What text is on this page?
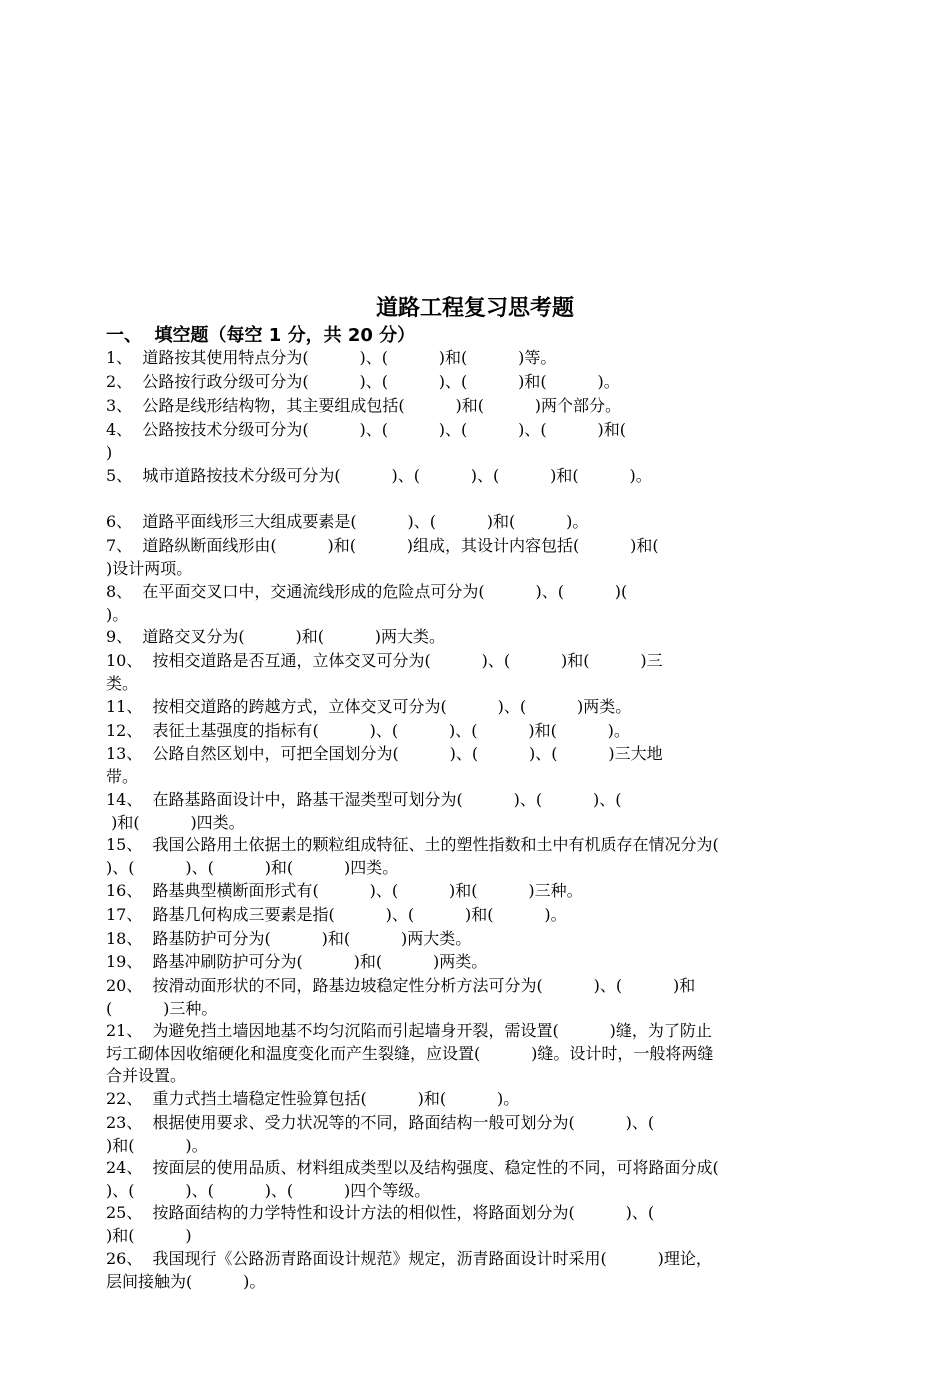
道路工程复习思考题
一、  填空题（每空 1 分，共 20 分）
1、  道路按其使用特点分为(          )、(          )和(          )等。
2、  公路按行政分级可分为(          )、(          )、(          )和(          )。
3、  公路是线形结构物，其主要组成包括(          )和(          )两个部分。
4、  公路按技术分级可分为(          )、(          )、(          )、(          )和(
)
5、  城市道路按技术分级可分为(          )、(          )、(          )和(          )。
6、  道路平面线形三大组成要素是(          )、(          )和(          )。
7、  道路纵断面线形由(          )和(          )组成，其设计内容包括(          )和(
)设计两项。
8、  在平面交叉口中，交通流线形成的危险点可分为(          )、(          )(
)。
9、  道路交叉分为(          )和(          )两大类。
10、  按相交道路是否互通，立体交叉可分为(          )、(          )和(          )三
类。
11、  按相交道路的跨越方式，立体交叉可分为(          )、(          )两类。
12、  表征土基强度的指标有(          )、(          )、(          )和(          )。
13、  公路自然区划中，可把全国划分为(          )、(          )、(          )三大地
带。
14、  在路基路面设计中，路基干湿类型可划分为(          )、(          )、(
)和(          )四类。
15、  我国公路用土依据土的颗粒组成特征、土的塑性指数和土中有机质存在情况分为(
)、(          )、(          )和(          )四类。
16、  路基典型横断面形式有(          )、(          )和(          )三种。
17、  路基几何构成三要素是指(          )、(          )和(          )。
18、  路基防护可分为(          )和(          )两大类。
19、  路基冲刷防护可分为(          )和(          )两类。
20、  按滑动面形状的不同，路基边坡稳定性分析方法可分为(          )、(          )和
(          )三种。
21、  为避免挡土墙因地基不均匀沉陷而引起墙身开裂，需设置(          )缝，为了防止
圬工砌体因收缩硬化和温度变化而产生裂缝，应设置(          )缝。设计时，一般将两缝
合并设置。
22、  重力式挡土墙稳定性验算包括(          )和(          )。
23、  根据使用要求、受力状况等的不同，路面结构一般可划分为(          )、(
)和(          )。
24、  按面层的使用品质、材料组成类型以及结构强度、稳定性的不同，可将路面分成(
)、(          )、(          )、(          )四个等级。
25、  按路面结构的力学特性和设计方法的相似性，将路面划分为(          )、(
)和(          )
26、  我国现行《公路沥青路面设计规范》规定，沥青路面设计时采用(          )理论，
层间接触为(          )。
